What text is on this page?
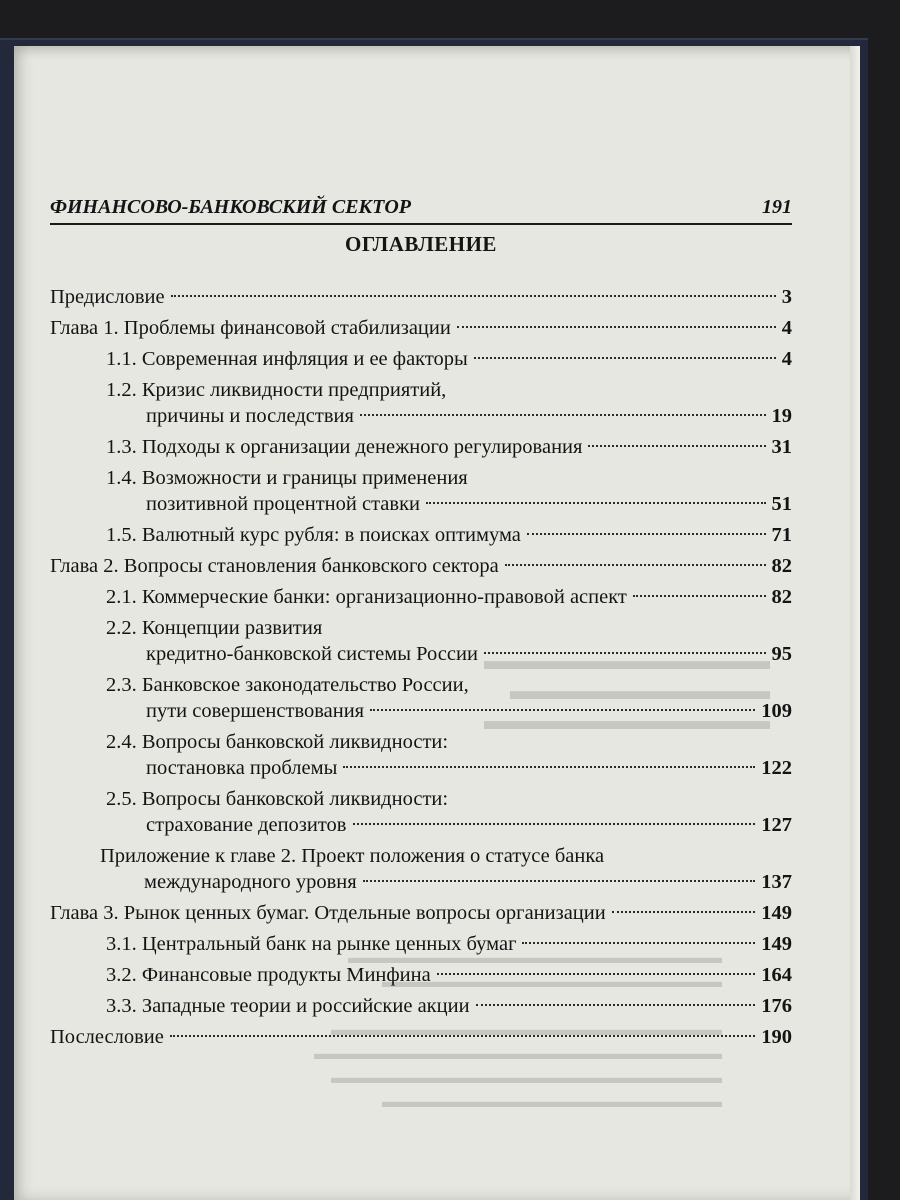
▬▬▬▬▬▬▬▬▬▬▬
▬▬▬▬▬▬▬▬▬▬
▬▬▬▬▬▬▬▬▬▬▬
▬▬▬▬▬▬▬▬▬▬▬▬▬▬▬▬▬▬▬▬▬▬
▬▬▬▬▬▬▬▬▬▬▬▬▬▬▬▬▬▬▬▬

▬▬▬▬▬▬▬▬▬▬▬▬▬▬▬▬▬▬▬▬▬▬▬
▬▬▬▬▬▬▬▬▬▬▬▬▬▬▬▬▬▬▬▬▬▬▬▬
▬▬▬▬▬▬▬▬▬▬▬▬▬▬▬▬▬▬▬▬▬▬▬
▬▬▬▬▬▬▬▬▬▬▬▬▬▬▬▬▬▬▬▬
ФИНАНСОВО-БАНКОВСКИЙ СЕКТОР	191
ОГЛАВЛЕНИЕ
Предисловие	3
Глава 1. Проблемы финансовой стабилизации	4
1.1. Современная инфляция и ее факторы	4
1.2. Кризис ликвидности предприятий,
причины и последствия	19
1.3. Подходы к организации денежного регулирования	31
1.4. Возможности и границы применения
позитивной процентной ставки	51
1.5. Валютный курс рубля: в поисках оптимума	71
Глава 2. Вопросы становления банковского сектора	82
2.1. Коммерческие банки: организационно-правовой аспект	82
2.2. Концепции развития
кредитно-банковской системы России	95
2.3. Банковское законодательство России,
пути совершенствования	109
2.4. Вопросы банковской ликвидности:
постановка проблемы	122
2.5. Вопросы банковской ликвидности:
страхование депозитов	127
Приложение к главе 2. Проект положения о статусе банка
международного уровня	137
Глава 3. Рынок ценных бумаг. Отдельные вопросы организации	149
3.1. Центральный банк на рынке ценных бумаг	149
3.2. Финансовые продукты Минфина	164
3.3. Западные теории и российские акции	176
Послесловие	190
